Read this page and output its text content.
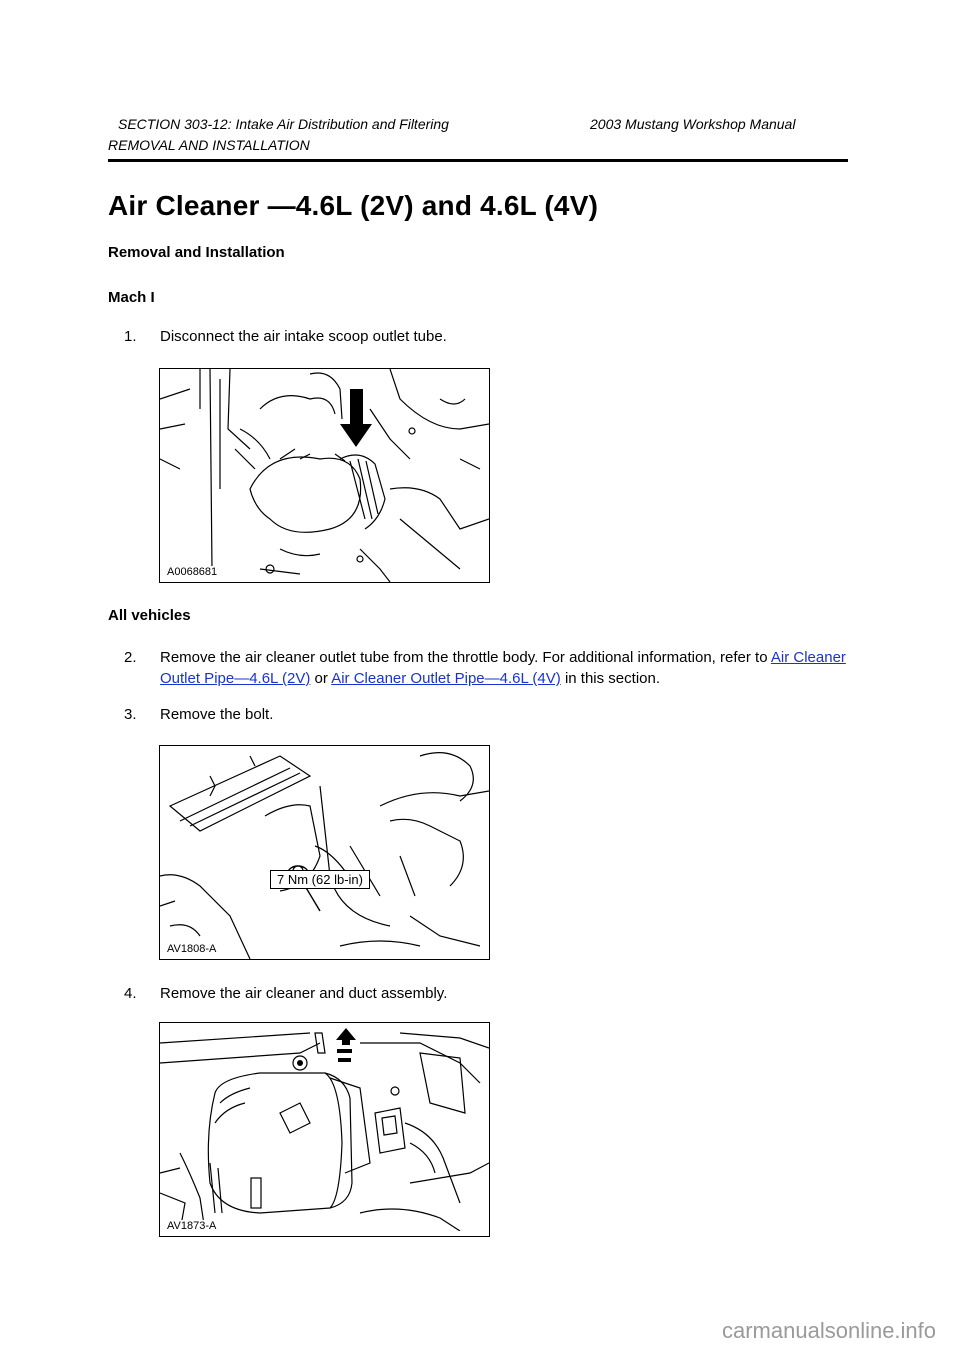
SECTION 303-12: Intake Air Distribution and Filtering	2003 Mustang Workshop Manual
REMOVAL AND INSTALLATION
Air Cleaner —4.6L (2V) and 4.6L (4V)
Removal and Installation
Mach I
1.	Disconnect the air intake scoop outlet tube.
A0068681
All vehicles
2.	Remove the air cleaner outlet tube from the throttle body. For additional information, refer to Air Cleaner Outlet Pipe—4.6L (2V) or Air Cleaner Outlet Pipe—4.6L (4V) in this section.
3.	Remove the bolt.
7 Nm (62 lb-in)
AV1808-A
4.	Remove the air cleaner and duct assembly.
AV1873-A
carmanualsonline.info
